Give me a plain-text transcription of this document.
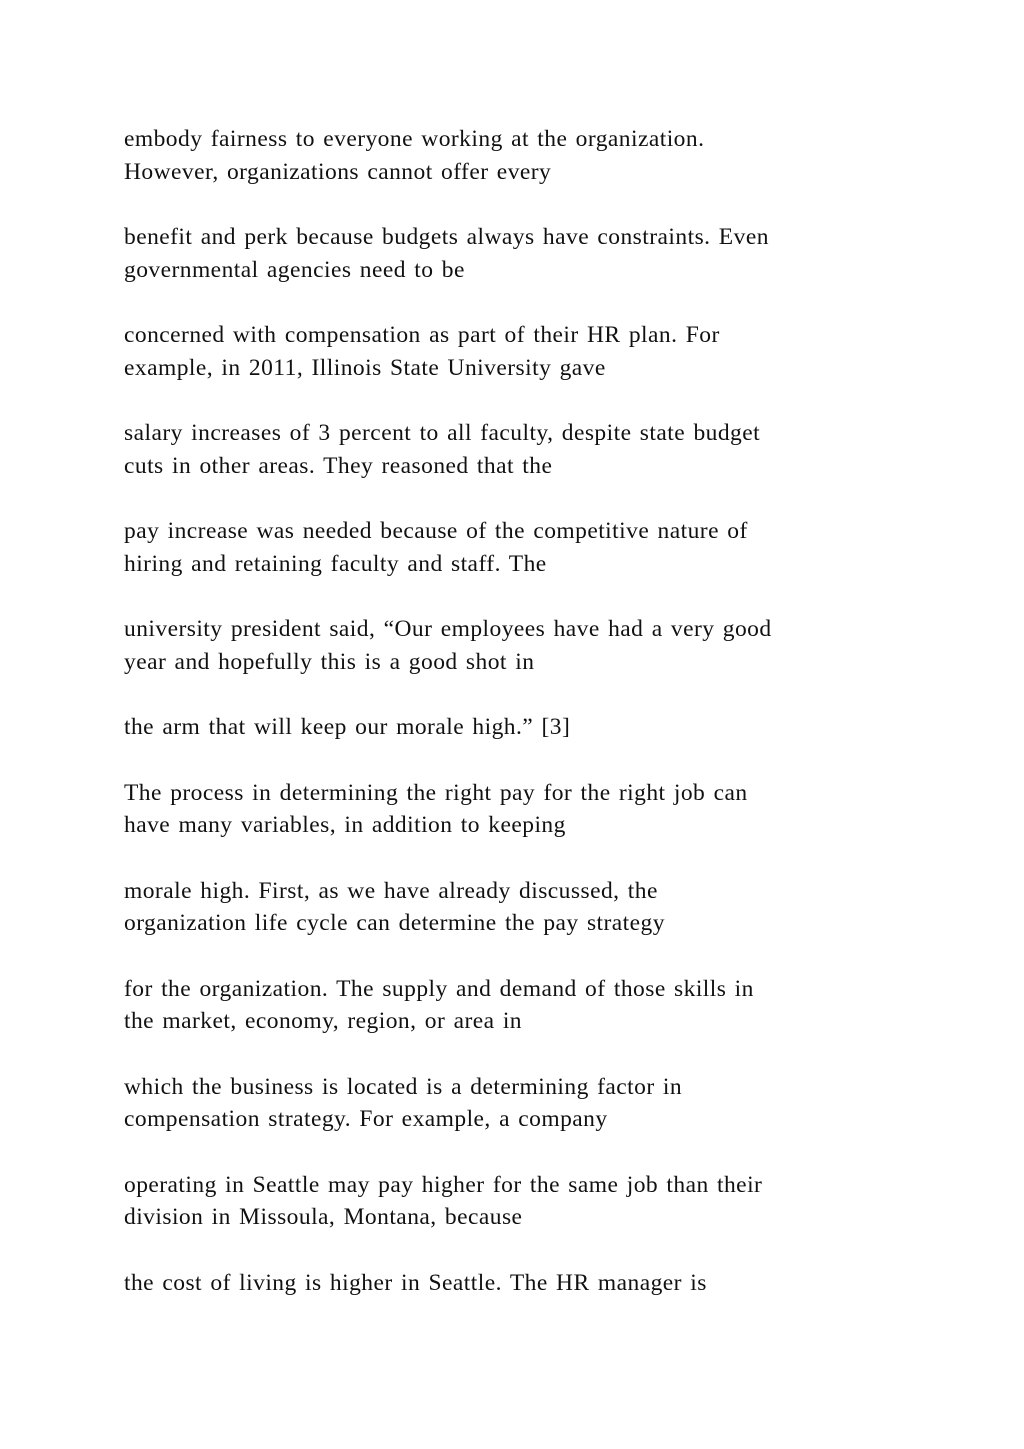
embody fairness to everyone working at the organization.
However, organizations cannot offer every

benefit and perk because budgets always have constraints. Even
governmental agencies need to be

concerned with compensation as part of their HR plan. For
example, in 2011, Illinois State University gave

salary increases of 3 percent to all faculty, despite state budget
cuts in other areas. They reasoned that the

pay increase was needed because of the competitive nature of
hiring and retaining faculty and staff. The

university president said, “Our employees have had a very good
year and hopefully this is a good shot in

the arm that will keep our morale high.” [3]

The process in determining the right pay for the right job can
have many variables, in addition to keeping

morale high. First, as we have already discussed, the
organization life cycle can determine the pay strategy

for the organization. The supply and demand of those skills in
the market, economy, region, or area in

which the business is located is a determining factor in
compensation strategy. For example, a company

operating in Seattle may pay higher for the same job than their
division in Missoula, Montana, because

the cost of living is higher in Seattle. The HR manager is
